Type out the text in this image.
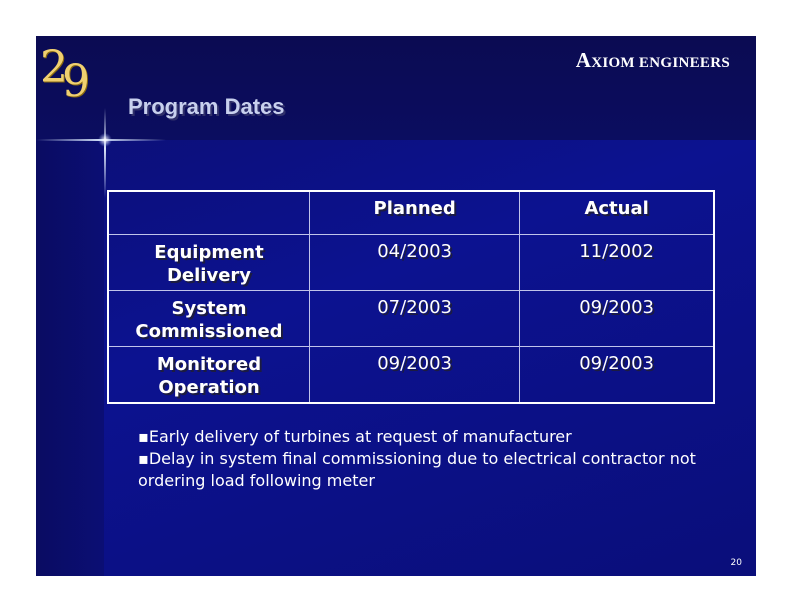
29	AXIOM ENGINEERS
Program Dates
	Planned	Actual
Equipment Delivery	04/2003	11/2002
System Commissioned	07/2003	09/2003
Monitored Operation	09/2003	09/2003
▪Early delivery of turbines at request of manufacturer
▪Delay in system final commissioning due to electrical contractor not ordering load following meter
20
